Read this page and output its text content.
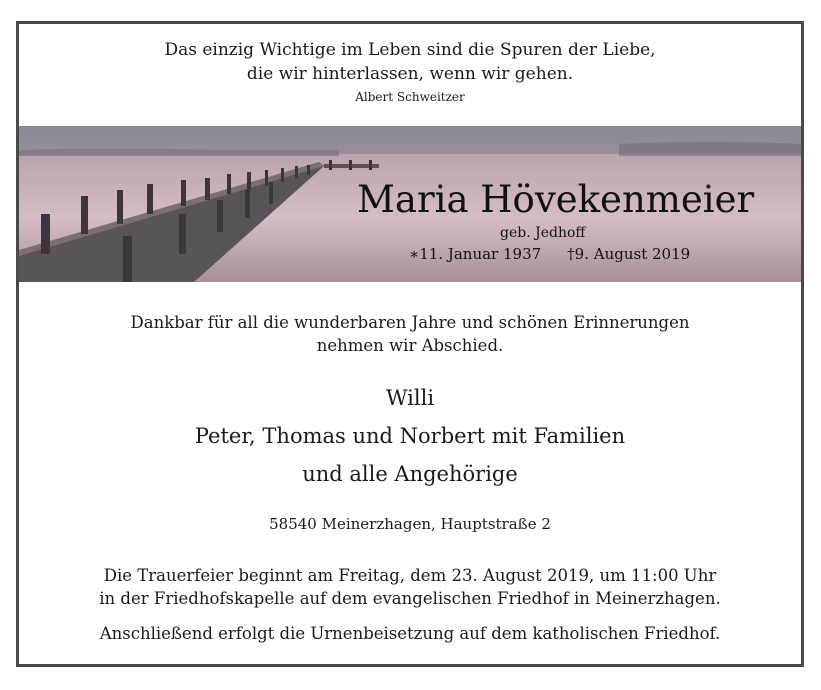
Das einzig Wichtige im Leben sind die Spuren der Liebe,
die wir hinterlassen, wenn wir gehen.
Albert Schweitzer
Maria Hövekenmeier
geb. Jedhoff
∗11. Januar 1937 †9. August 2019
Dankbar für all die wunderbaren Jahre und schönen Erinnerungen
nehmen wir Abschied.
Willi
Peter, Thomas und Norbert mit Familien
und alle Angehörige
58540 Meinerzhagen, Hauptstraße 2
Die Trauerfeier beginnt am Freitag, dem 23. August 2019, um 11:00 Uhr
in der Friedhofskapelle auf dem evangelischen Friedhof in Meinerzhagen.
Anschließend erfolgt die Urnenbeisetzung auf dem katholischen Friedhof.
